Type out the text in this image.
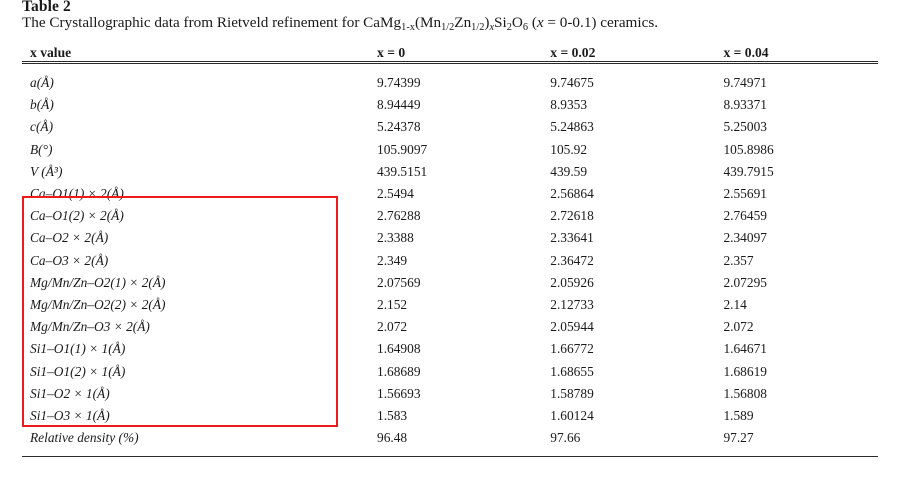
Table 2
The Crystallographic data from Rietveld refinement for $CaMg_{1-x}(Mn_{1/2}Zn_{1/2})_xSi_2O_6$ (x = 0-0.1) ceramics.

x value	x = 0	x = 0.02	x = 0.04

a(Å)	9.74399	9.74675	9.74971
b(Å)	8.94449	8.9353	8.93371
c(Å)	5.24378	5.24863	5.25003
B(°)	105.9097	105.92	105.8986
V (Å³)	439.5151	439.59	439.7915
Ca–O1(1) × 2(Å)	2.5494	2.56864	2.55691
Ca–O1(2) × 2(Å)	2.76288	2.72618	2.76459
Ca–O2 × 2(Å)	2.3388	2.33641	2.34097
Ca–O3 × 2(Å)	2.349	2.36472	2.357
Mg/Mn/Zn–O2(1) × 2(Å)	2.07569	2.05926	2.07295
Mg/Mn/Zn–O2(2) × 2(Å)	2.152	2.12733	2.14
Mg/Mn/Zn–O3 × 2(Å)	2.072	2.05944	2.072
Si1–O1(1) × 1(Å)	1.64908	1.66772	1.64671
Si1–O1(2) × 1(Å)	1.68689	1.68655	1.68619
Si1–O2 × 1(Å)	1.56693	1.58789	1.56808
Si1–O3 × 1(Å)	1.583	1.60124	1.589
Relative density (%)	96.48	97.66	97.27
